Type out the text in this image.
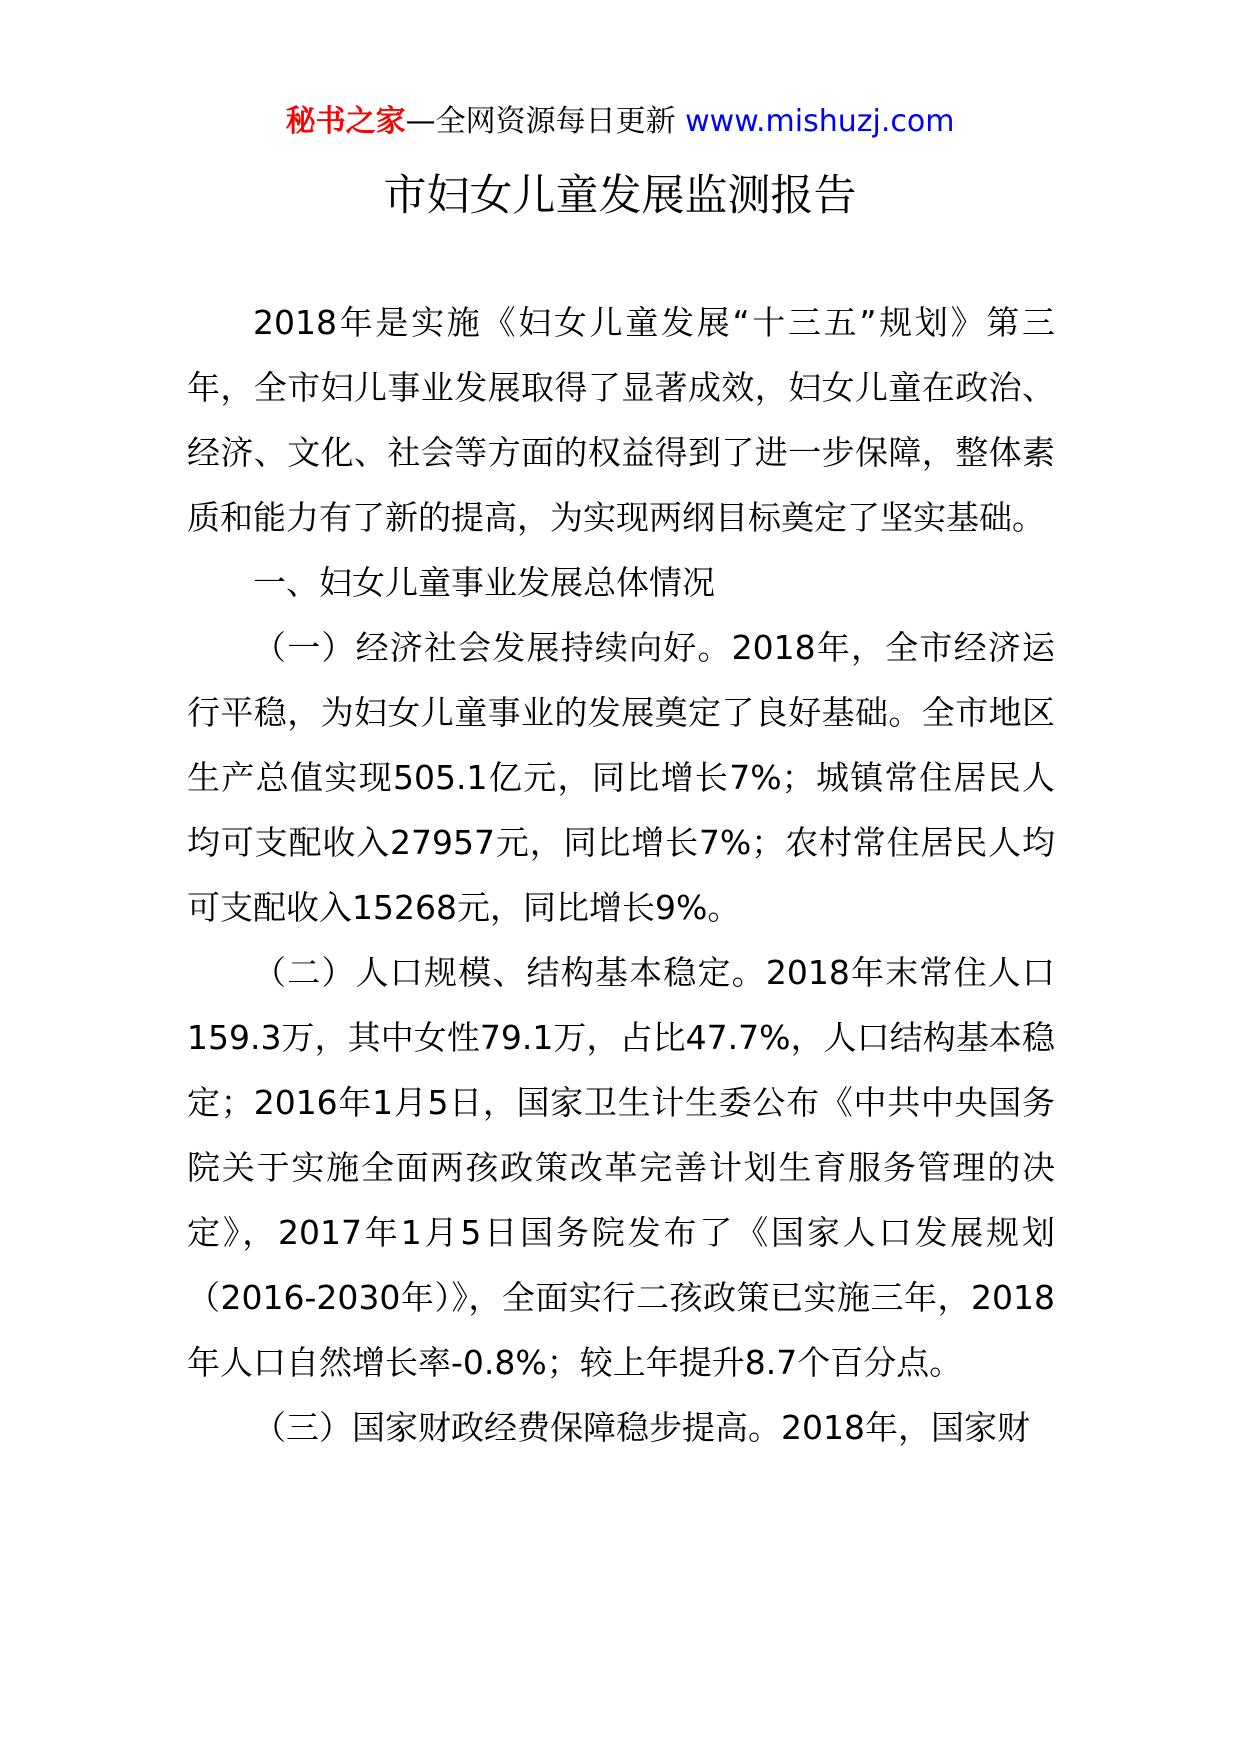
秘书之家—全网资源每日更新 www.mishuzj.com
市妇女儿童发展监测报告

2018年是实施《妇女儿童发展“十三五”规划》第三年，全市妇儿事业发展取得了显著成效，妇女儿童在政治、经济、文化、社会等方面的权益得到了进一步保障，整体素质和能力有了新的提高，为实现两纲目标奠定了坚实基础。

一、妇女儿童事业发展总体情况

（一）经济社会发展持续向好。2018年，全市经济运行平稳，为妇女儿童事业的发展奠定了良好基础。全市地区生产总值实现505.1亿元，同比增长7%；城镇常住居民人均可支配收入27957元，同比增长7%；农村常住居民人均可支配收入15268元，同比增长9%。

（二）人口规模、结构基本稳定。2018年末常住人口159.3万，其中女性79.1万，占比47.7%，人口结构基本稳定；2016年1月5日，国家卫生计生委公布《中共中央国务院关于实施全面两孩政策改革完善计划生育服务管理的决定》，2017年1月5日国务院发布了《国家人口发展规划（2016-2030年）》，全面实行二孩政策已实施三年，2018年人口自然增长率-0.8%；较上年提升8.7个百分点。

（三）国家财政经费保障稳步提高。2018年，国家财
